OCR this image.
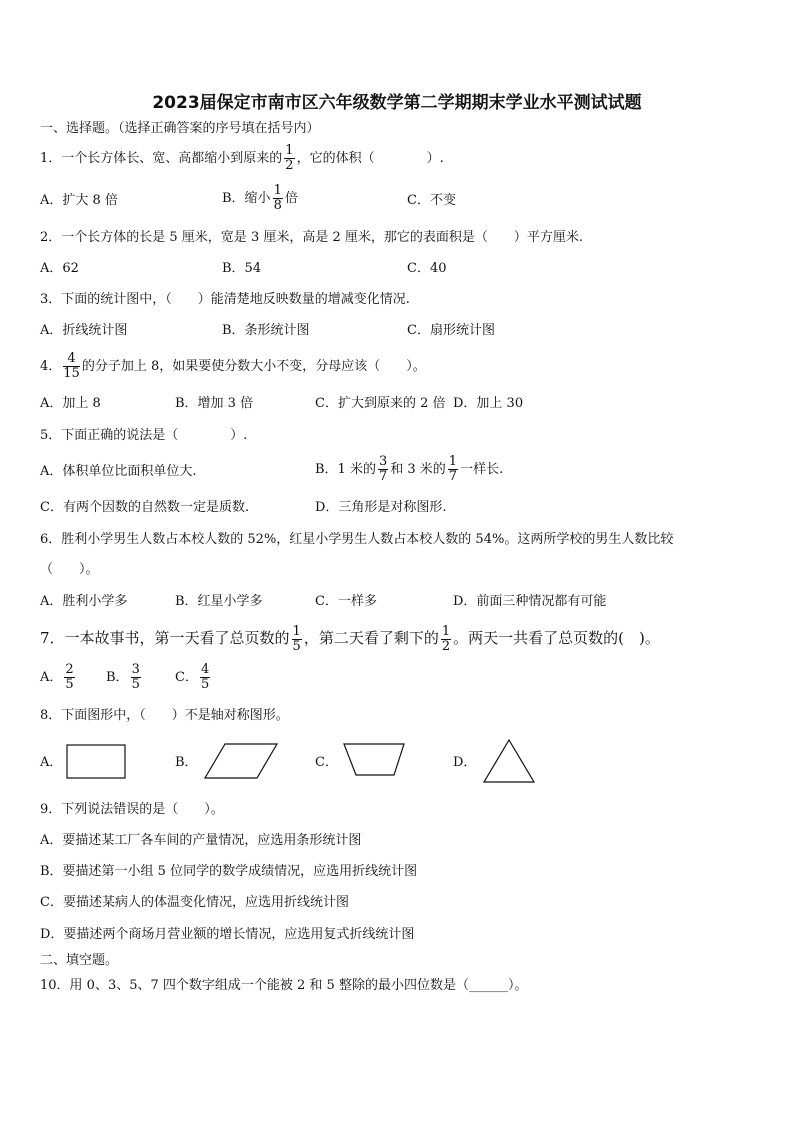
2023届保定市南市区六年级数学第二学期期末学业水平测试试题
一、选择题。（选择正确答案的序号填在括号内）
1．一个长方体长、宽、高都缩小到原来的 $\frac{1}{2}$ ，它的体积（　　　　）.
A．扩大 8 倍	B．缩小 $\frac{1}{8}$ 倍	C．不变
2．一个长方体的长是 5 厘米，宽是 3 厘米，高是 2 厘米，那它的表面积是（　　）平方厘米.
A．62	B．54	C．40
3．下面的统计图中，（　　）能清楚地反映数量的增减变化情况.
A．折线统计图	B．条形统计图	C．扇形统计图
4． $\frac{4}{15}$ 的分子加上 8，如果要使分数大小不变，分母应该（　　）。
A．加上 8	B．增加 3 倍	C．扩大到原来的 2 倍 D．加上 30
5．下面正确的说法是（　　　　）.
A．体积单位比面积单位大.	B．1 米的 $\frac{3}{7}$ 和 3 米的 $\frac{1}{7}$ 一样长.
C．有两个因数的自然数一定是质数.	D．三角形是对称图形.
6．胜利小学男生人数占本校人数的 52%，红星小学男生人数占本校人数的 54%。这两所学校的男生人数比较
（　　）。
A．胜利小学多	B．红星小学多	C．一样多	D．前面三种情况都有可能
7．一本故事书，第一天看了总页数的 $\frac{1}{5}$ ，第二天看了剩下的 $\frac{1}{2}$ 。两天一共看了总页数的(　)。
A． $\frac{2}{5}$ B． $\frac{3}{5}$	C． $\frac{4}{5}$
8．下面图形中，（　　）不是轴对称图形。
A．	B．	C．	D．
9．下列说法错误的是（　　）。
A．要描述某工厂各车间的产量情况，应选用条形统计图
B．要描述第一小组 5 位同学的数学成绩情况，应选用折线统计图
C．要描述某病人的体温变化情况，应选用折线统计图
D．要描述两个商场月营业额的增长情况，应选用复式折线统计图
二、填空题。
10．用 0、3、5、7 四个数字组成一个能被 2 和 5 整除的最小四位数是（______）。
